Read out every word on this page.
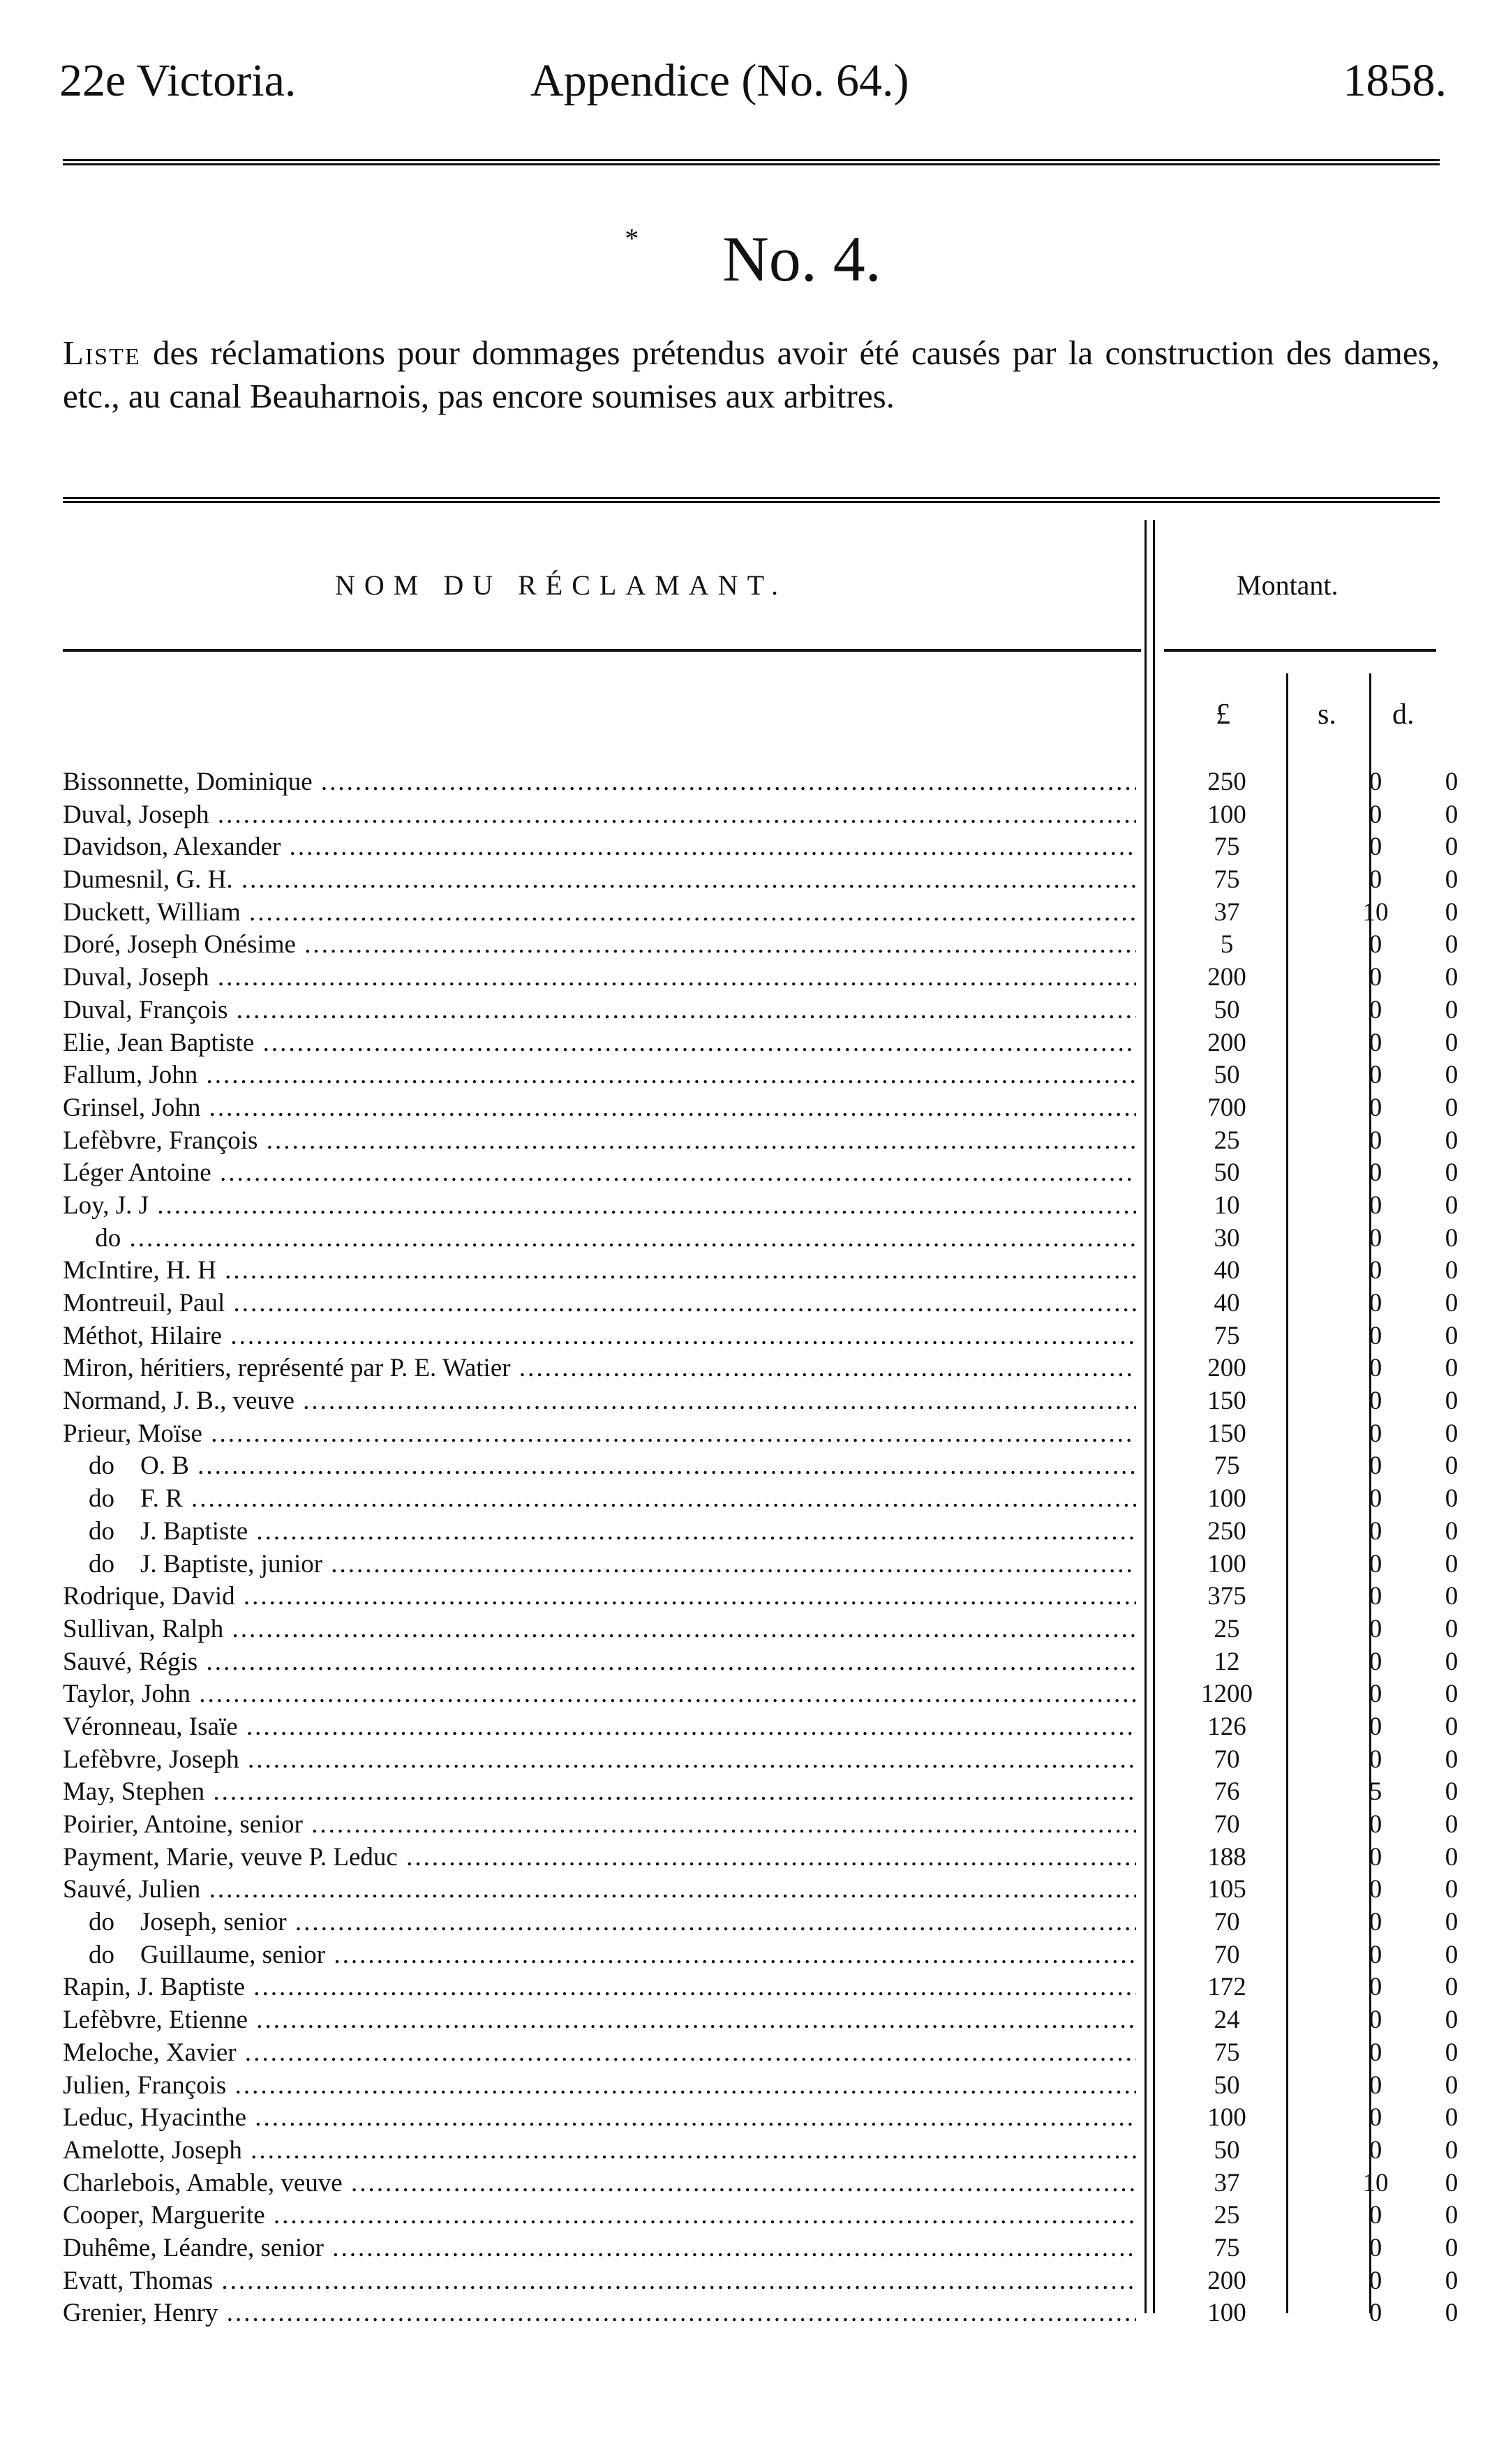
22e Victoria.	Appendice (No. 64.)	1858.
* No. 4.
Liste des réclamations pour dommages prétendus avoir été causés par la construction des dames, etc., au canal Beauharnois, pas encore soumises aux arbitres.
NOM DU RÉCLAMANT.	Montant.
£	s. d.
Bissonnette, Dominique .....	250	0	0
Duval, Joseph .....	100	0	0
Davidson, Alexander .....	75	0	0
Dumesnil, G. H. .....	75	0	0
Duckett, William .....	37	10	0
Doré, Joseph Onésime .....	5	0	0
Duval, Joseph .....	200	0	0
Duval, François .....	50	0	0
Elie, Jean Baptiste .....	200	0	0
Fallum, John .....	50	0	0
Grinsel, John .....	700	0	0
Lefèbvre, François .....	25	0	0
Léger Antoine .....	50	0	0
Loy, J. J .....	10	0	0
do .....	30	0	0
McIntire, H. H .....	40	0	0
Montreuil, Paul .....	40	0	0
Méthot, Hilaire .....	75	0	0
Miron, héritiers, représenté par P. E. Watier .....	200	0	0
Normand, J. B., veuve .....	150	0	0
Prieur, Moïse .....	150	0	0
do    O. B .....	75	0	0
do    F. R .....	100	0	0
do    J. Baptiste .....	250	0	0
do    J. Baptiste, junior .....	100	0	0
Rodrique, David .....	375	0	0
Sullivan, Ralph .....	25	0	0
Sauvé, Régis .....	12	0	0
Taylor, John .....	1200	0	0
Véronneau, Isaïe .....	126	0	0
Lefèbvre, Joseph .....	70	0	0
May, Stephen .....	76	5	0
Poirier, Antoine, senior .....	70	0	0
Payment, Marie, veuve P. Leduc .....	188	0	0
Sauvé, Julien .....	105	0	0
do    Joseph, senior .....	70	0	0
do    Guillaume, senior .....	70	0	0
Rapin, J. Baptiste .....	172	0	0
Lefèbvre, Etienne .....	24	0	0
Meloche, Xavier .....	75	0	0
Julien, François .....	50	0	0
Leduc, Hyacinthe .....	100	0	0
Amelotte, Joseph .....	50	0	0
Charlebois, Amable, veuve .....	37	10	0
Cooper, Marguerite .....	25	0	0
Duhême, Léandre, senior .....	75	0	0
Evatt, Thomas .....	200	0	0
Grenier, Henry .....	100	0	0
